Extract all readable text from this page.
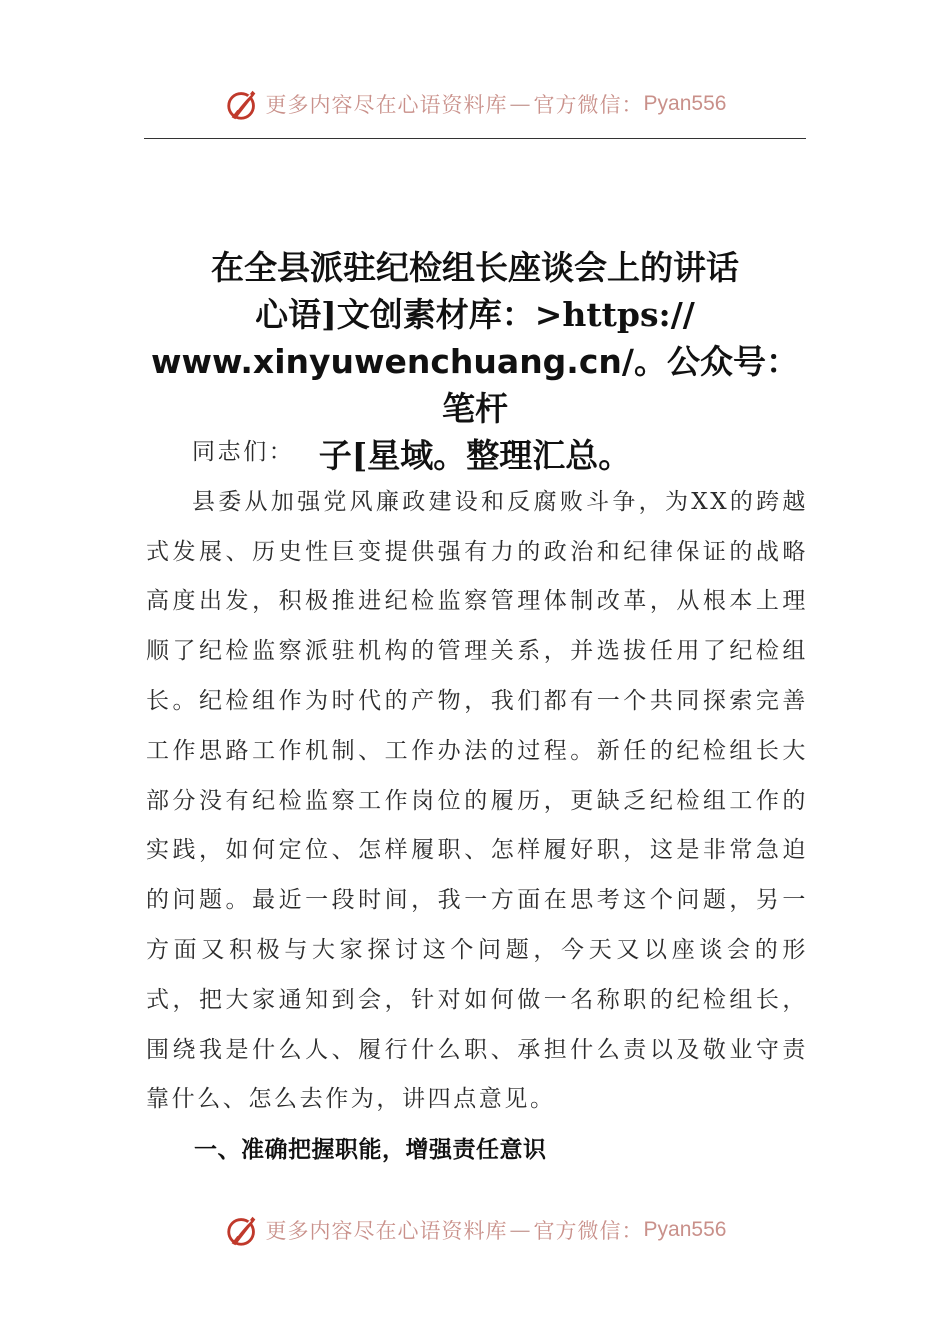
更多内容尽在心语资料库 — 官方微信： Pyan556
在全县派驻纪检组长座谈会上的讲话
心语]文创素材库：>https://
www.xinyuwenchuang.cn/。公众号：笔杆
子[星域。整理汇总。

同志们：

县委从加强党风廉政建设和反腐败斗争，为XX的跨越式发展、历史性巨变提供强有力的政治和纪律保证的战略高度出发，积极推进纪检监察管理体制改革，从根本上理顺了纪检监察派驻机构的管理关系，并选拔任用了纪检组长。纪检组作为时代的产物，我们都有一个共同探索完善工作思路工作机制、工作办法的过程。新任的纪检组长大部分没有纪检监察工作岗位的履历，更缺乏纪检组工作的实践，如何定位、怎样履职、怎样履好职，这是非常急迫的问题。最近一段时间，我一方面在思考这个问题，另一方面又积极与大家探讨这个问题，今天又以座谈会的形式，把大家通知到会，针对如何做一名称职的纪检组长，围绕我是什么人、履行什么职、承担什么责以及敬业守责靠什么、怎么去作为，讲四点意见。

一、准确把握职能，增强责任意识
更多内容尽在心语资料库 — 官方微信： Pyan556
